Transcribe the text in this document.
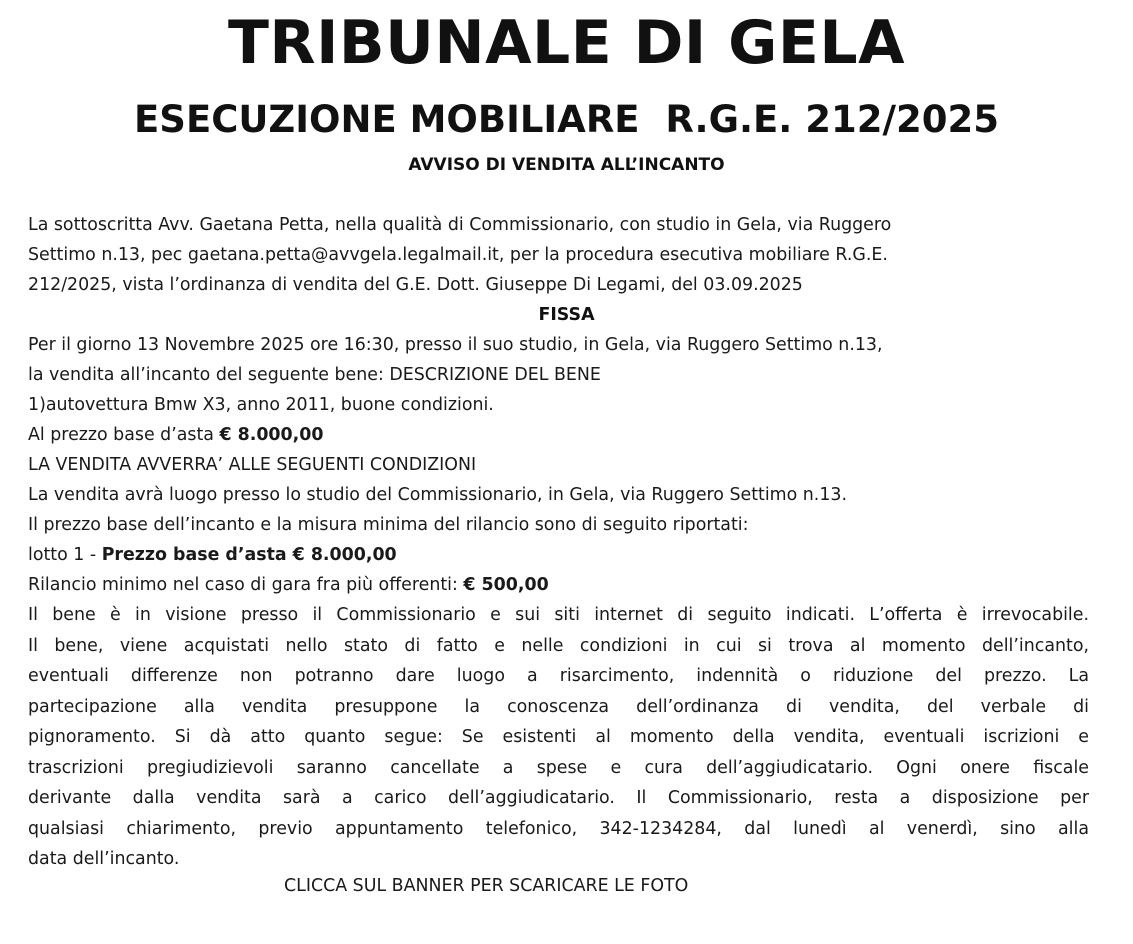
TRIBUNALE DI GELA
ESECUZIONE MOBILIARE  R.G.E. 212/2025
AVVISO DI VENDITA ALL’INCANTO
La sottoscritta Avv. Gaetana Petta, nella qualità di Commissionario, con studio in Gela, via Ruggero
Settimo n.13, pec gaetana.petta@avvgela.legalmail.it, per la procedura esecutiva mobiliare R.G.E.
212/2025, vista l’ordinanza di vendita del G.E. Dott. Giuseppe Di Legami, del 03.09.2025
FISSA
Per il giorno 13 Novembre 2025 ore 16:30, presso il suo studio, in Gela, via Ruggero Settimo n.13,
la vendita all’incanto del seguente bene: DESCRIZIONE DEL BENE
1)autovettura Bmw X3, anno 2011, buone condizioni.
Al prezzo base d’asta € 8.000,00
LA VENDITA AVVERRA’ ALLE SEGUENTI CONDIZIONI
La vendita avrà luogo presso lo studio del Commissionario, in Gela, via Ruggero Settimo n.13.
Il prezzo base dell’incanto e la misura minima del rilancio sono di seguito riportati:
lotto 1 - Prezzo base d’asta € 8.000,00
Rilancio minimo nel caso di gara fra più offerenti: € 500,00
Il bene è in visione presso il Commissionario e sui siti internet di seguito indicati. L’offerta è irrevocabile.
Il bene, viene acquistati nello stato di fatto e nelle condizioni in cui si trova al momento dell’incanto,
eventuali differenze non potranno dare luogo a risarcimento, indennità o riduzione del prezzo. La
partecipazione alla vendita presuppone la conoscenza dell’ordinanza di vendita, del verbale di
pignoramento. Si dà atto quanto segue: Se esistenti al momento della vendita, eventuali iscrizioni e
trascrizioni pregiudizievoli saranno cancellate a spese e cura dell’aggiudicatario. Ogni onere fiscale
derivante dalla vendita sarà a carico dell’aggiudicatario. Il Commissionario, resta a disposizione per
qualsiasi chiarimento, previo appuntamento telefonico, 342-1234284, dal lunedì al venerdì, sino alla
data dell’incanto.
CLICCA SUL BANNER PER SCARICARE LE FOTO
